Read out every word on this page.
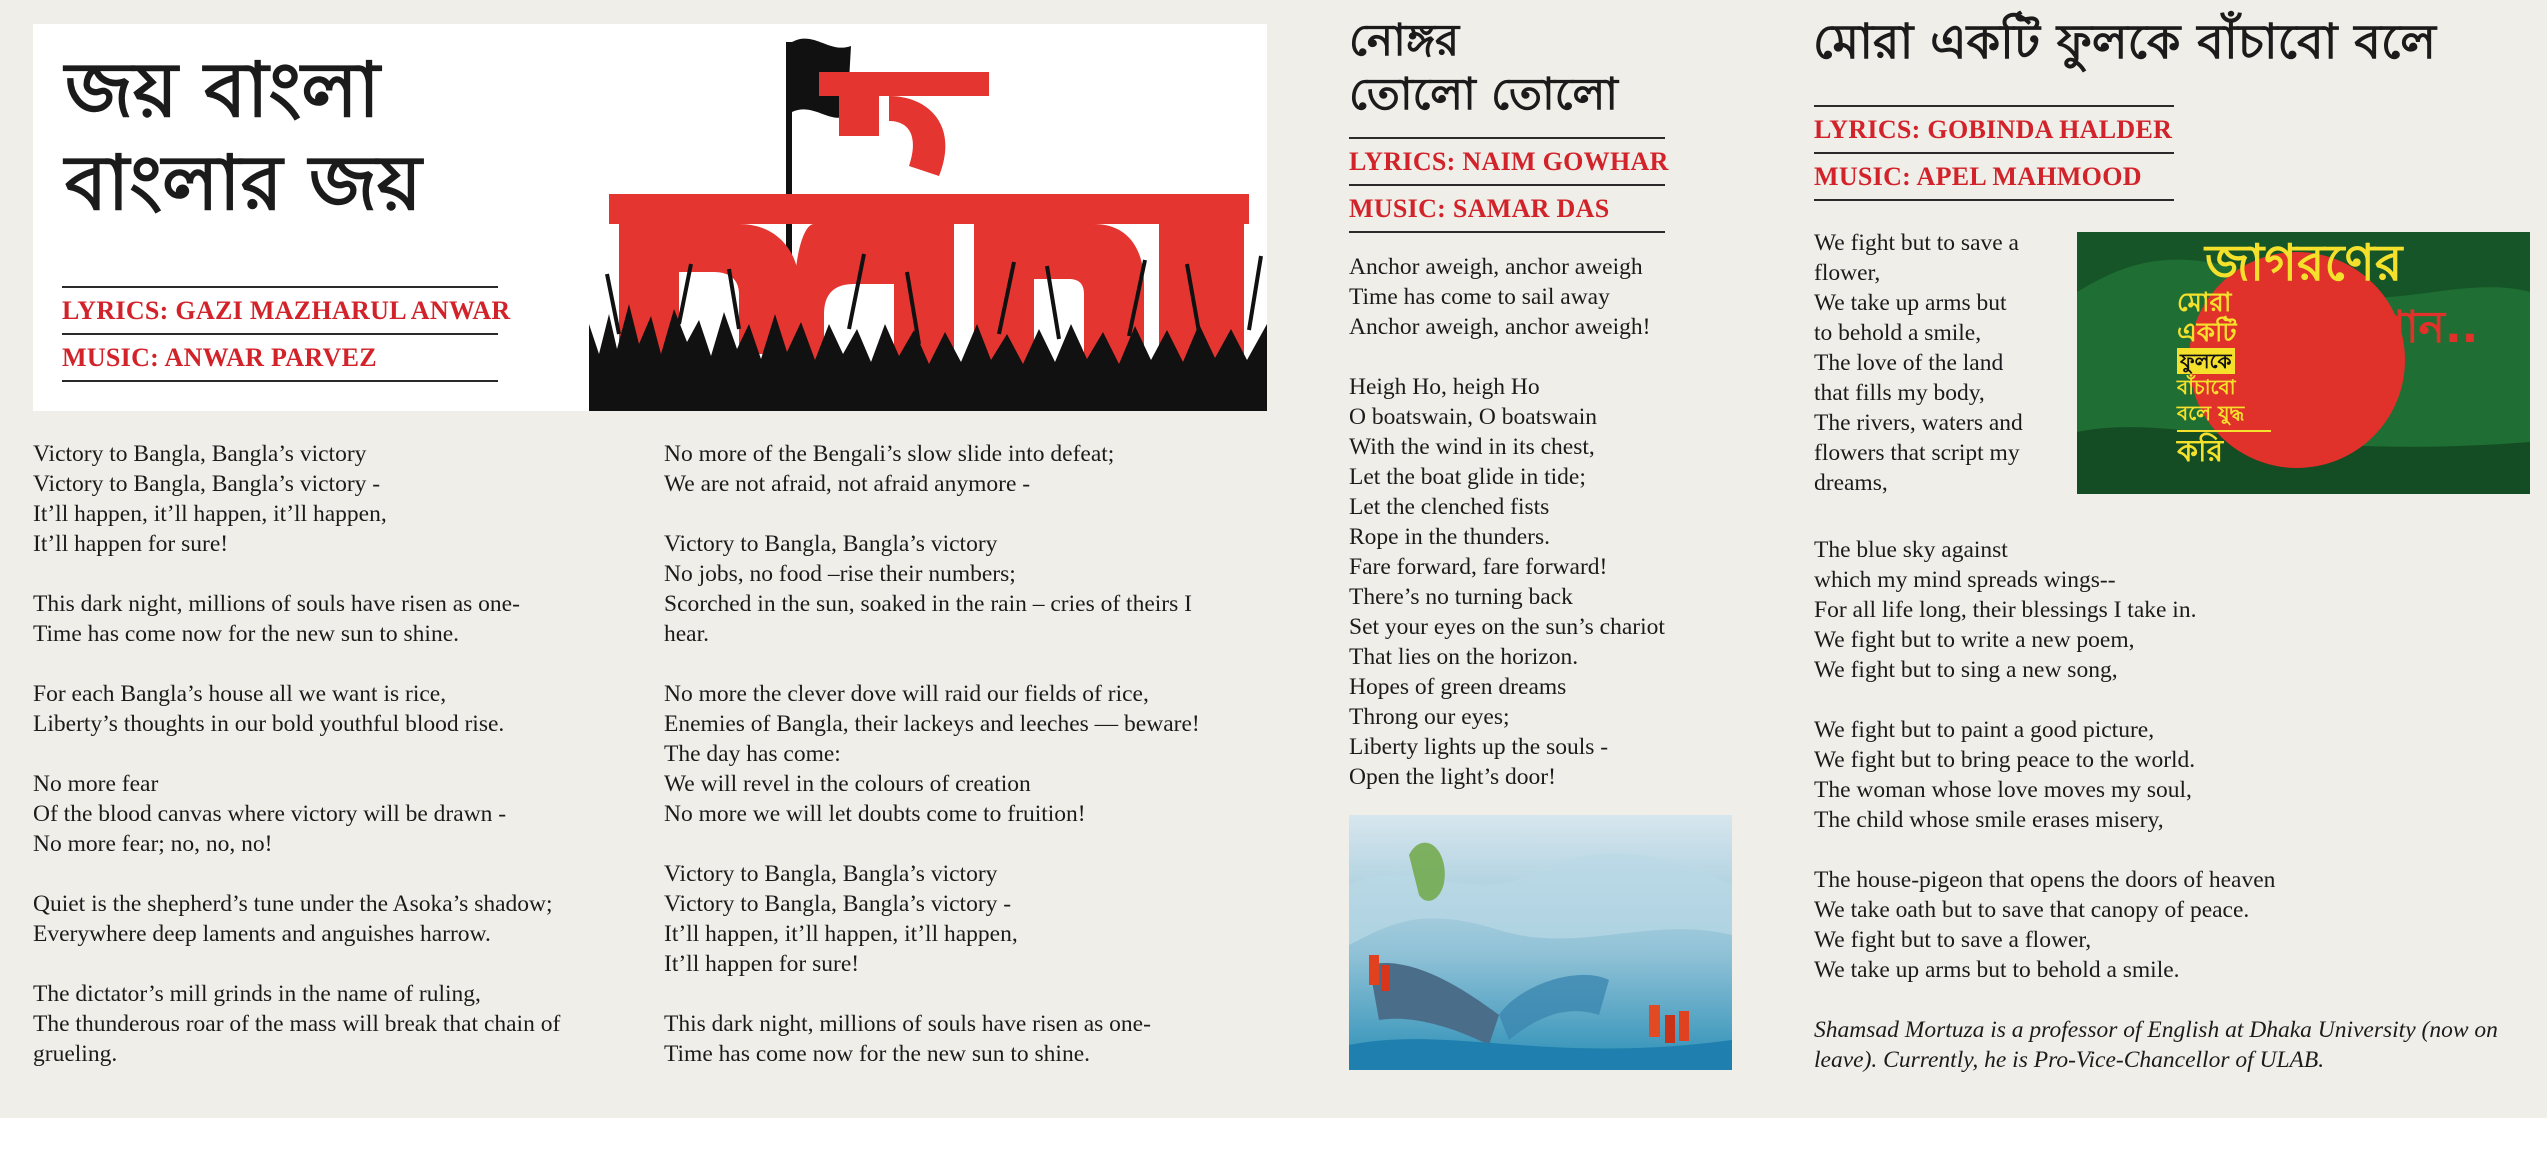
জয় বাংলা
বাংলার জয়
LYRICS: GAZI MAZHARUL ANWAR
MUSIC: ANWAR PARVEZ
জয় বাংলা
Victory to Bangla, Bangla’s victory
Victory to Bangla, Bangla’s victory -
It’ll happen, it’ll happen, it’ll happen,
It’ll happen for sure!

This dark night, millions of souls have risen as one-
Time has come now for the new sun to shine.

For each Bangla’s house all we want is rice,
Liberty’s thoughts in our bold youthful blood rise.

No more fear
Of the blood canvas where victory will be drawn -
No more fear; no, no, no!

Quiet is the shepherd’s tune under the Asoka’s shadow;
Everywhere deep laments and anguishes harrow.

The dictator’s mill grinds in the name of ruling,
The thunderous roar of the mass will break that chain of
grueling.
No more of the Bengali’s slow slide into defeat;
We are not afraid, not afraid anymore -

Victory to Bangla, Bangla’s victory
No jobs, no food –rise their numbers;
Scorched in the sun, soaked in the rain – cries of theirs I
hear.

No more the clever dove will raid our fields of rice,
Enemies of Bangla, their lackeys and leeches — beware!
The day has come:
We will revel in the colours of creation
No more we will let doubts come to fruition!

Victory to Bangla, Bangla’s victory
Victory to Bangla, Bangla’s victory -
It’ll happen, it’ll happen, it’ll happen,
It’ll happen for sure!

This dark night, millions of souls have risen as one-
Time has come now for the new sun to shine.
নোঙ্গর
তোলো তোলো
LYRICS: NAIM GOWHAR
MUSIC: SAMAR DAS
Anchor aweigh, anchor aweigh
Time has come to sail away
Anchor aweigh, anchor aweigh!

Heigh Ho, heigh Ho
O boatswain, O boatswain
With the wind in its chest,
Let the boat glide in tide;
Let the clenched fists
Rope in the thunders.
Fare forward, fare forward!
There’s no turning back
Set your eyes on the sun’s chariot
That lies on the horizon.
Hopes of green dreams
Throng our eyes;
Liberty lights up the souls -
Open the light’s door!
মোরা একটি ফুলকে বাঁচাবো বলে
LYRICS: GOBINDA HALDER
MUSIC: APEL MAHMOOD
We fight but to save a
flower,
We take up arms but
to behold a smile,
The love of the land
that fills my body,
The rivers, waters and
flowers that script my
dreams,
জাগরণের
গান..
মোরা
একটি
ফুলকে
বাঁচাবো
বলে যুদ্ধ
করি
The blue sky against
which my mind spreads wings--
For all life long, their blessings I take in.
We fight but to write a new poem,
We fight but to sing a new song,

We fight but to paint a good picture,
We fight but to bring peace to the world.
The woman whose love moves my soul,
The child whose smile erases misery,

The house-pigeon that opens the doors of heaven
We take oath but to save that canopy of peace.
We fight but to save a flower,
We take up arms but to behold a smile.
Shamsad Mortuza is a professor of English at Dhaka University (now on leave). Currently, he is Pro-Vice-Chancellor of ULAB.
